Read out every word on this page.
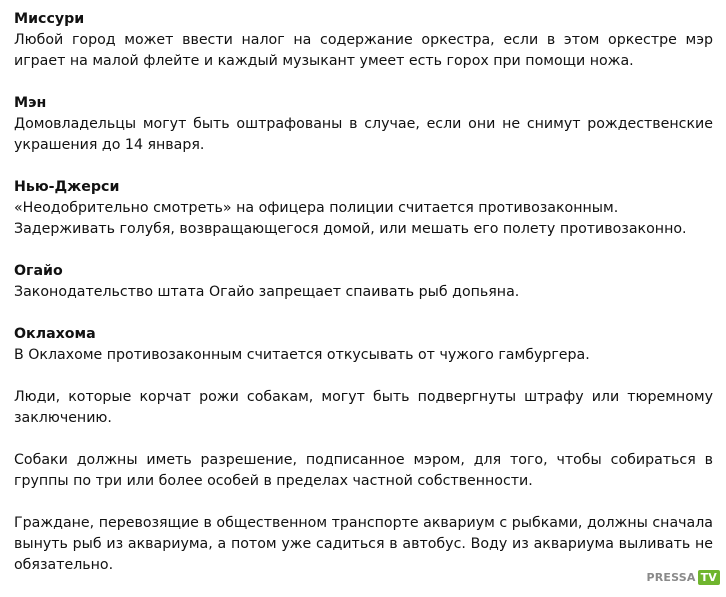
Миссури

Любой город может ввести налог на содержание оркестра, если в этом оркестре мэр играет на малой флейте и каждый музыкант умеет есть горох при помощи ножа.

Мэн

Домовладельцы могут быть оштрафованы в случае, если они не снимут рождественские украшения до 14 января.

Нью-Джерси

«Неодобрительно смотреть» на офицера полиции считается противозаконным.

Задерживать голубя, возвращающегося домой, или мешать его полету противозаконно.

Огайо

Законодательство штата Огайо запрещает спаивать рыб допьяна.

Оклахома

В Оклахоме противозаконным считается откусывать от чужого гамбургера.

Люди, которые корчат рожи собакам, могут быть подвергнуты штрафу или тюремному заключению.

Собаки должны иметь разрешение, подписанное мэром, для того, чтобы собираться в группы по три или более особей в пределах частной собственности.

Граждане, перевозящие в общественном транспорте аквариум с рыбками, должны сначала вынуть рыб из аквариума, а потом уже садиться в автобус. Воду из аквариума выливать не обязательно.

PRESSA TV
